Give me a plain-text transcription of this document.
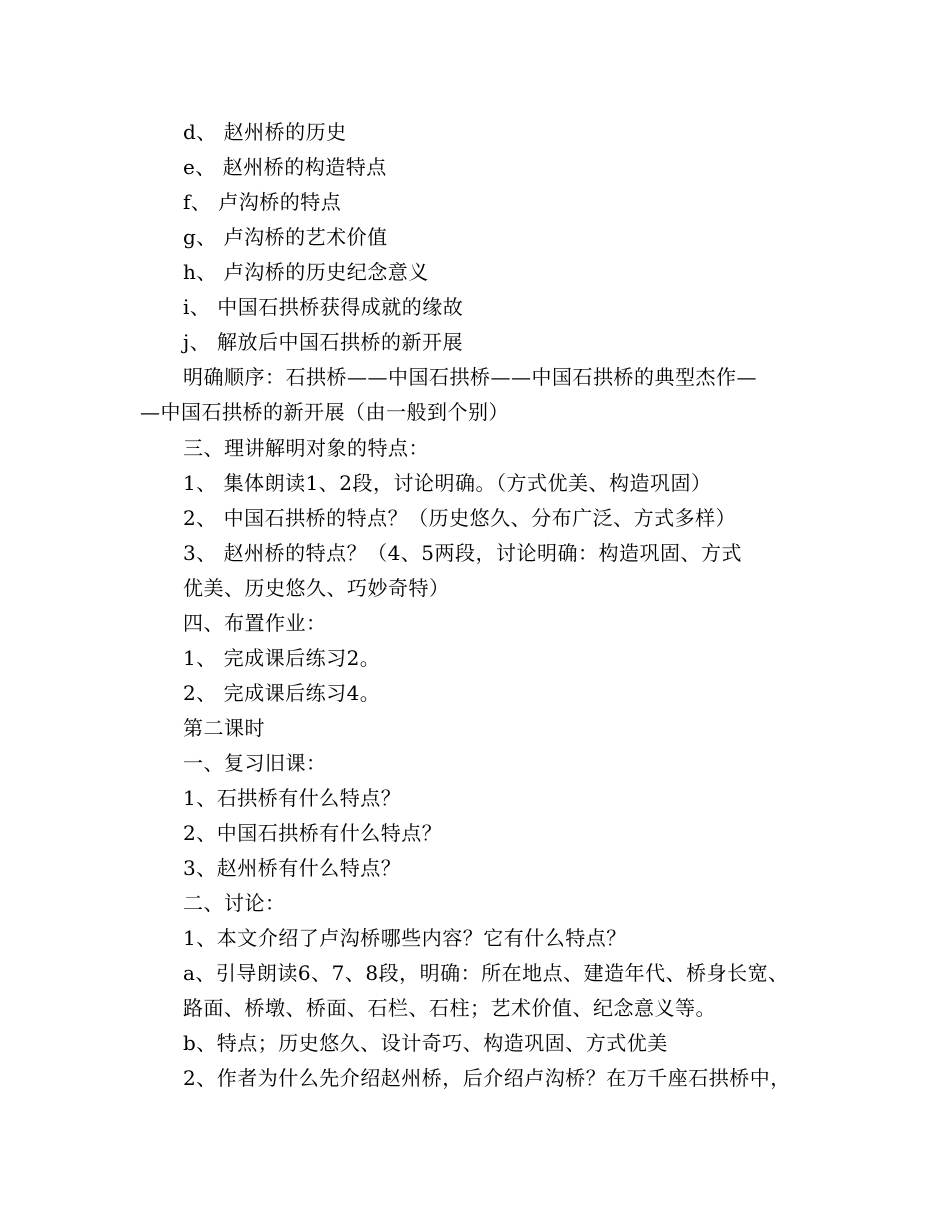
d、 赵州桥的历史
e、 赵州桥的构造特点
f、 卢沟桥的特点
g、 卢沟桥的艺术价值
h、 卢沟桥的历史纪念意义
i、 中国石拱桥获得成就的缘故
j、 解放后中国石拱桥的新开展
明确顺序：石拱桥——中国石拱桥——中国石拱桥的典型杰作—
—中国石拱桥的新开展（由一般到个别）
三、理讲解明对象的特点：
1、 集体朗读1、2段，讨论明确。（方式优美、构造巩固）
2、 中国石拱桥的特点？（历史悠久、分布广泛、方式多样）
3、 赵州桥的特点？（4、5两段，讨论明确：构造巩固、方式
优美、历史悠久、巧妙奇特）
四、布置作业：
1、 完成课后练习2。
2、 完成课后练习4。
第二课时
一、复习旧课：
1、石拱桥有什么特点？
2、中国石拱桥有什么特点？
3、赵州桥有什么特点？
二、讨论：
1、本文介绍了卢沟桥哪些内容？它有什么特点？
a、引导朗读6、7、8段，明确：所在地点、建造年代、桥身长宽、
路面、桥墩、桥面、石栏、石柱；艺术价值、纪念意义等。
b、特点；历史悠久、设计奇巧、构造巩固、方式优美
2、作者为什么先介绍赵州桥，后介绍卢沟桥？在万千座石拱桥中，
